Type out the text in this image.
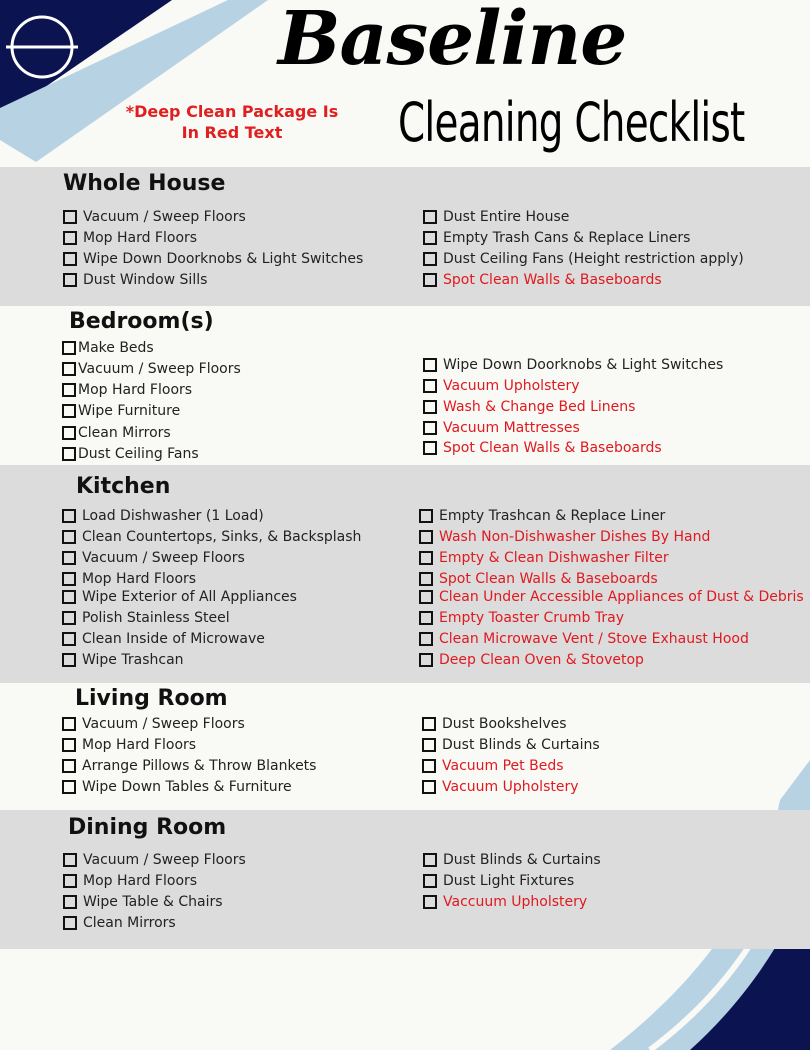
Baseline
Cleaning Checklist
*Deep Clean Package Is
In Red Text
Whole House
Vacuum / Sweep Floors
Mop Hard Floors
Wipe Down Doorknobs & Light Switches
Dust Window Sills
Dust Entire House
Empty Trash Cans & Replace Liners
Dust Ceiling Fans (Height restriction apply)
Spot Clean Walls & Baseboards
Bedroom(s)
Make Beds
Vacuum / Sweep Floors
Mop Hard Floors
Wipe Furniture
Clean Mirrors
Dust Ceiling Fans
Wipe Down Doorknobs & Light Switches
Vacuum Upholstery
Wash & Change Bed Linens
Vacuum Mattresses
Spot Clean Walls & Baseboards
Kitchen
Load Dishwasher (1 Load)
Clean Countertops, Sinks, & Backsplash
Vacuum / Sweep Floors
Mop Hard Floors
Wipe Exterior of All Appliances
Polish Stainless Steel
Clean Inside of Microwave
Wipe Trashcan
Empty Trashcan & Replace Liner
Wash Non-Dishwasher Dishes By Hand
Empty & Clean Dishwasher Filter
Spot Clean Walls & Baseboards
Clean Under Accessible Appliances of Dust & Debris
Empty Toaster Crumb Tray
Clean Microwave Vent / Stove Exhaust Hood
Deep Clean Oven & Stovetop
Living Room
Vacuum / Sweep Floors
Mop Hard Floors
Arrange Pillows & Throw Blankets
Wipe Down Tables & Furniture
Dust Bookshelves
Dust Blinds & Curtains
Vacuum Pet Beds
Vacuum Upholstery
Dining Room
Vacuum / Sweep Floors
Mop Hard Floors
Wipe Table & Chairs
Clean Mirrors
Dust Blinds & Curtains
Dust Light Fixtures
Vaccuum Upholstery
